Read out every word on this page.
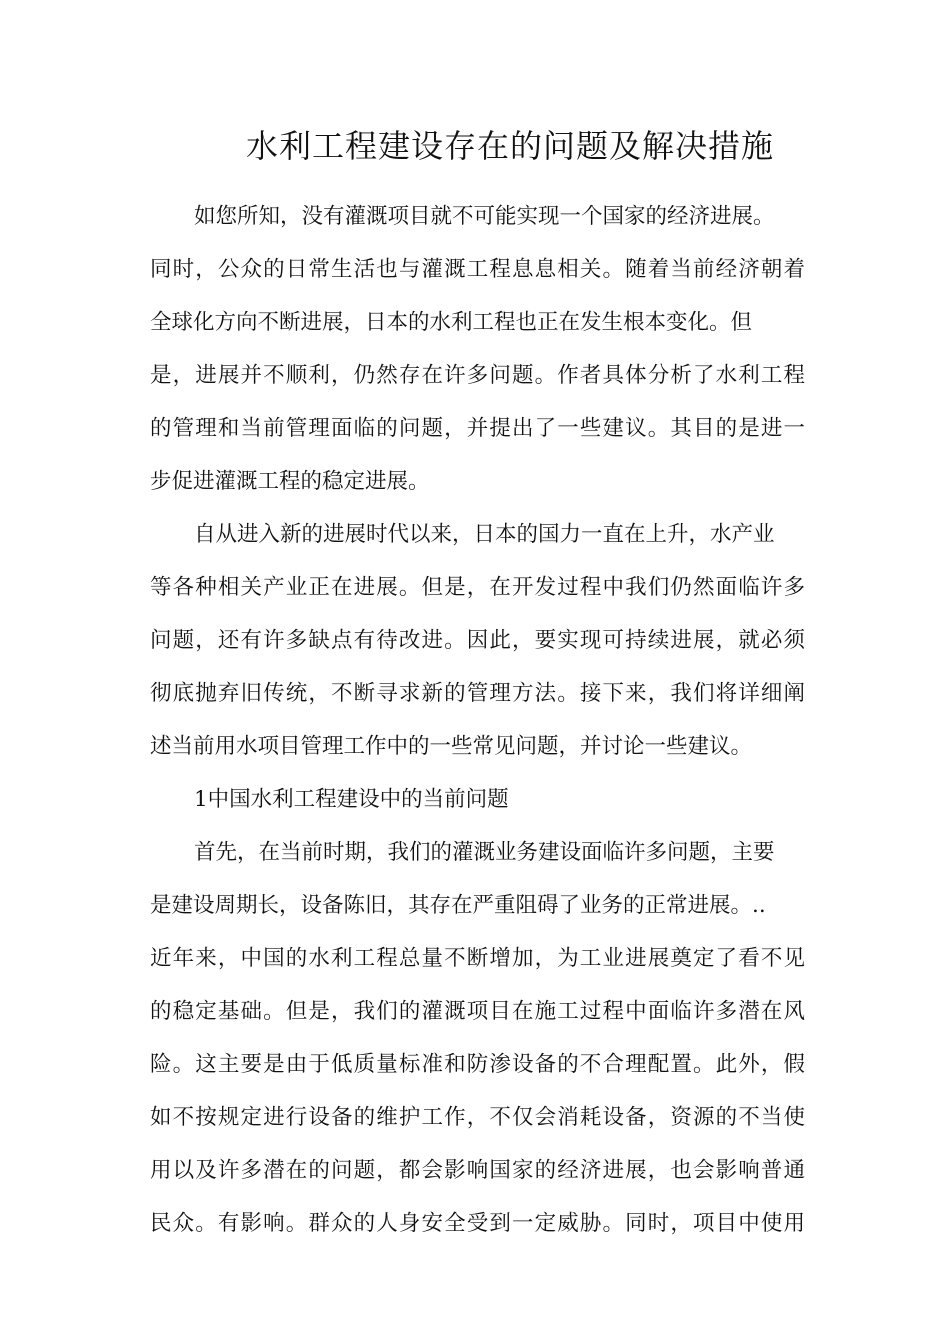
水利工程建设存在的问题及解决措施
如您所知，没有灌溉项目就不可能实现一个国家的经济进展。
同时，公众的日常生活也与灌溉工程息息相关。随着当前经济朝着
全球化方向不断进展，日本的水利工程也正在发生根本变化。但
是，进展并不顺利，仍然存在许多问题。作者具体分析了水利工程
的管理和当前管理面临的问题，并提出了一些建议。其目的是进一
步促进灌溉工程的稳定进展。
自从进入新的进展时代以来，日本的国力一直在上升，水产业
等各种相关产业正在进展。但是，在开发过程中我们仍然面临许多
问题，还有许多缺点有待改进。因此，要实现可持续进展，就必须
彻底抛弃旧传统，不断寻求新的管理方法。接下来，我们将详细阐
述当前用水项目管理工作中的一些常见问题，并讨论一些建议。
1中国水利工程建设中的当前问题
首先，在当前时期，我们的灌溉业务建设面临许多问题，主要
是建设周期长，设备陈旧，其存在严重阻碍了业务的正常进展。..
近年来，中国的水利工程总量不断增加，为工业进展奠定了看不见
的稳定基础。但是，我们的灌溉项目在施工过程中面临许多潜在风
险。这主要是由于低质量标准和防渗设备的不合理配置。此外，假
如不按规定进行设备的维护工作，不仅会消耗设备，资源的不当使
用以及许多潜在的问题，都会影响国家的经济进展，也会影响普通
民众。有影响。群众的人身安全受到一定威胁。同时，项目中使用
